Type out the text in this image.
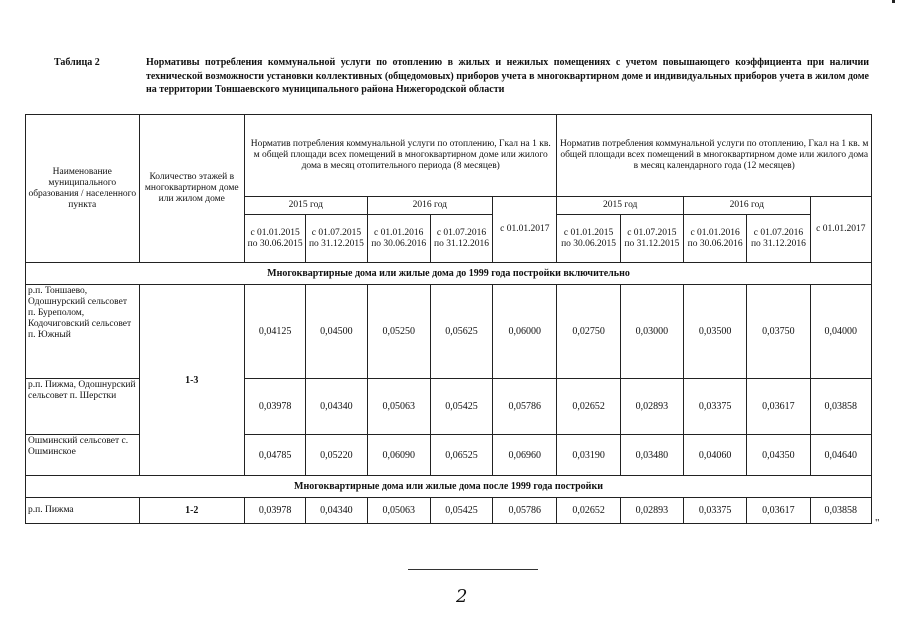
Таблица 2	Нормативы потребления коммунальной услуги по отоплению в жилых и нежилых помещениях с учетом повышающего коэффициента при наличии технической возможности установки коллективных (общедомовых) приборов учета в многоквартирном доме и индивидуальных приборов учета в жилом доме на территории Тоншаевского муниципального района Нижегородской области
Наименование муниципального образования / населенного пункта	Количество этажей в многоквартирном доме или жилом доме	Норматив потребления коммунальной услуги по отоплению, Гкал на 1 кв. м общей площади всех помещений в многоквартирном доме или жилого дома в месяц отопительного периода (8 месяцев)					Норматив потребления коммунальной услуги по отоплению, Гкал на 1 кв. м общей площади всех помещений в многоквартирном доме или жилого дома в месяц календарного года (12 месяцев)				
		2015 год		2016 год		с 01.01.2017	2015 год		2016 год		с 01.01.2017
		с 01.01.2015 по 30.06.2015	с 01.07.2015 по 31.12.2015	с 01.01.2016 по 30.06.2016	с 01.07.2016 по 31.12.2016		с 01.01.2015 по 30.06.2015	с 01.07.2015 по 31.12.2015	с 01.01.2016 по 30.06.2016	с 01.07.2016 по 31.12.2016	
Многоквартирные дома или жилые дома до 1999 года постройки включительно											
р.п. Тоншаево, Одошнурский сельсовет п. Буреполом, Кодочиговский сельсовет п. Южный	1-3	0,04125	0,04500	0,05250	0,05625	0,06000	0,02750	0,03000	0,03500	0,03750	0,04000
р.п. Пижма, Одошнурский сельсовет п. Шерстки		0,03978	0,04340	0,05063	0,05425	0,05786	0,02652	0,02893	0,03375	0,03617	0,03858
Ошминский сельсовет с. Ошминское		0,04785	0,05220	0,06090	0,06525	0,06960	0,03190	0,03480	0,04060	0,04350	0,04640
Многоквартирные дома или жилые дома после 1999 года постройки											
р.п. Пижма	1-2	0,03978	0,04340	0,05063	0,05425	0,05786	0,02652	0,02893	0,03375	0,03617	0,03858
"
2
